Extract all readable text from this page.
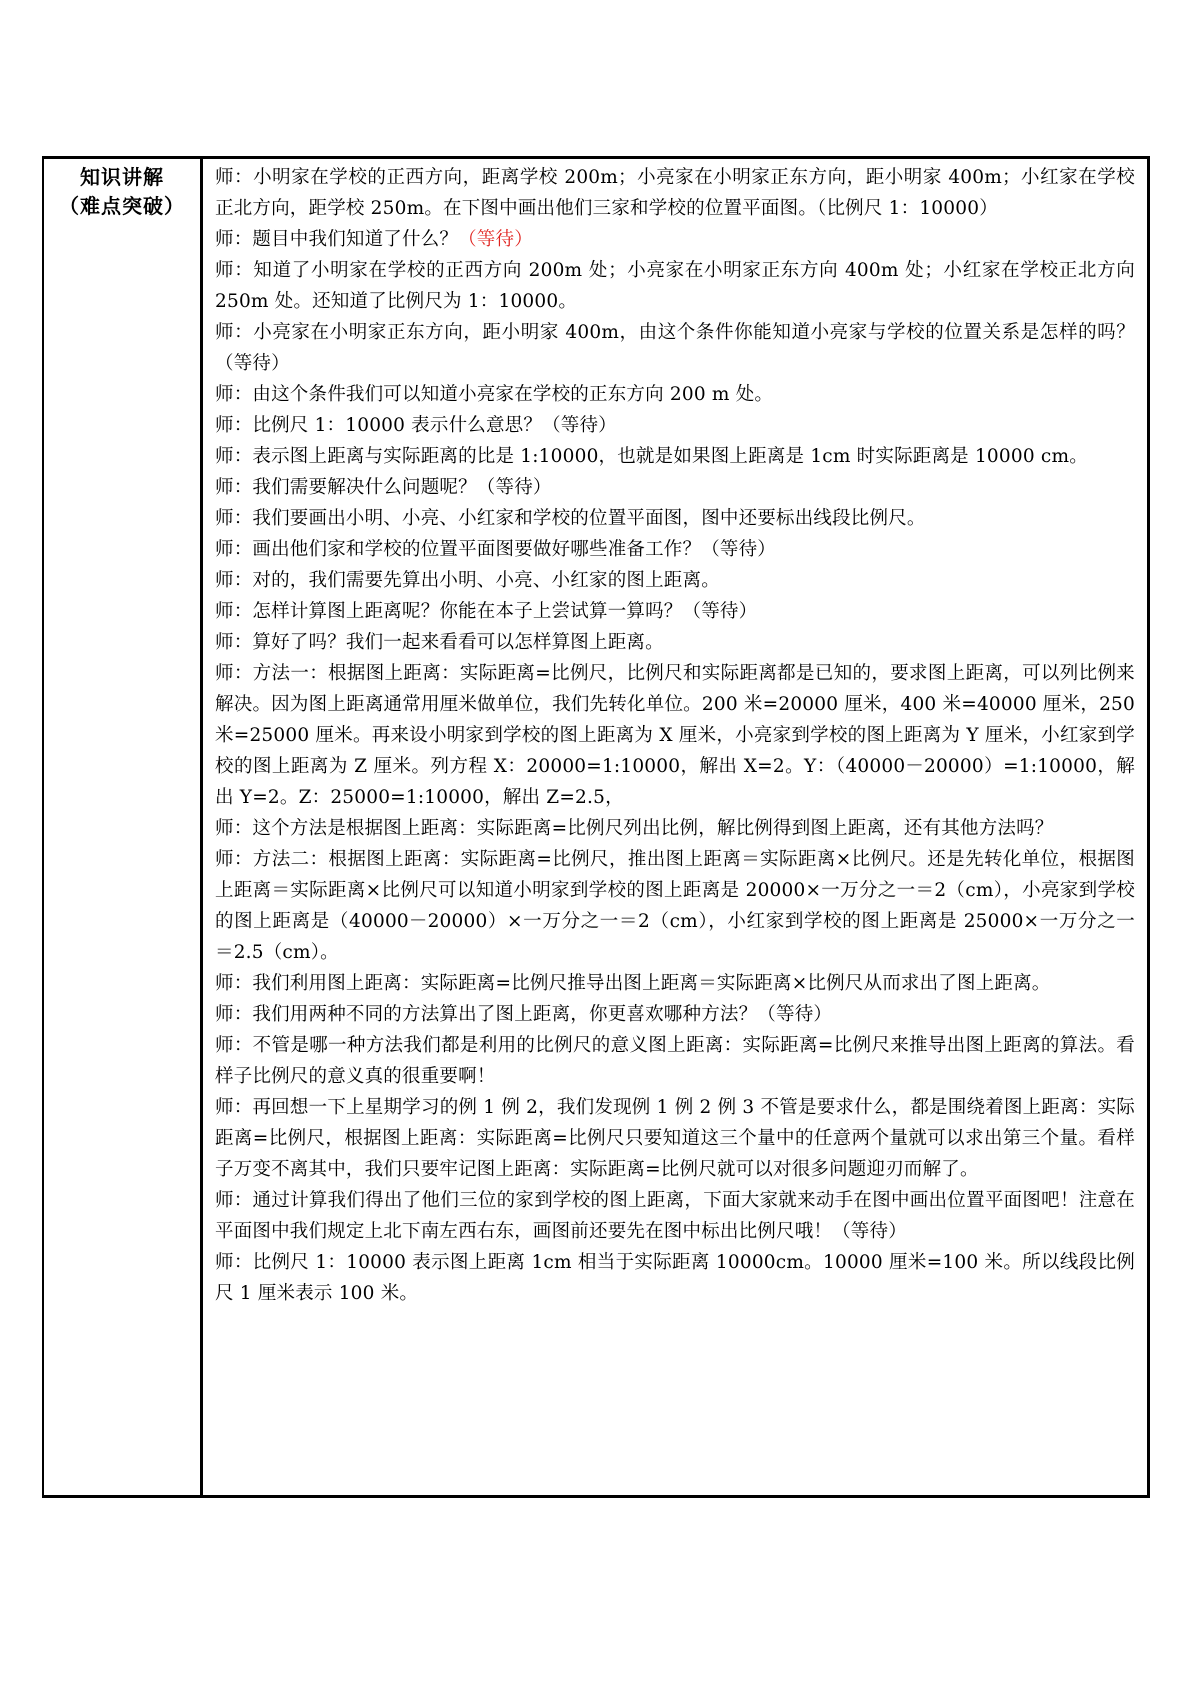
知识讲解
（难点突破）

师：小明家在学校的正西方向，距离学校 200m；小亮家在小明家正东方向，距小明家 400m；小红家在学校正北方向，距学校 250m。在下图中画出他们三家和学校的位置平面图。（比例尺 1：10000）

师：题目中我们知道了什么？（等待）

师：知道了小明家在学校的正西方向 200m 处；小亮家在小明家正东方向 400m 处；小红家在学校正北方向 250m 处。还知道了比例尺为 1：10000。

师：小亮家在小明家正东方向，距小明家 400m，由这个条件你能知道小亮家与学校的位置关系是怎样的吗？（等待）

师：由这个条件我们可以知道小亮家在学校的正东方向 200 m 处。

师：比例尺 1：10000 表示什么意思？（等待）

师：表示图上距离与实际距离的比是 1:10000，也就是如果图上距离是 1cm 时实际距离是 10000 cm。

师：我们需要解决什么问题呢？（等待）

师：我们要画出小明、小亮、小红家和学校的位置平面图，图中还要标出线段比例尺。

师：画出他们家和学校的位置平面图要做好哪些准备工作？（等待）

师：对的，我们需要先算出小明、小亮、小红家的图上距离。

师：怎样计算图上距离呢？你能在本子上尝试算一算吗？（等待）

师：算好了吗？我们一起来看看可以怎样算图上距离。

师：方法一：根据图上距离：实际距离=比例尺，比例尺和实际距离都是已知的，要求图上距离，可以列比例来解决。因为图上距离通常用厘米做单位，我们先转化单位。200 米=20000 厘米，400 米=40000 厘米，250 米=25000 厘米。再来设小明家到学校的图上距离为 X 厘米，小亮家到学校的图上距离为 Y 厘米，小红家到学校的图上距离为 Z 厘米。列方程 X：20000=1:10000，解出 X=2。Y：（40000－20000）=1:10000，解出 Y=2。Z：25000=1:10000，解出 Z=2.5，

师：这个方法是根据图上距离：实际距离=比例尺列出比例，解比例得到图上距离，还有其他方法吗？

师：方法二：根据图上距离：实际距离=比例尺，推出图上距离＝实际距离×比例尺。还是先转化单位，根据图上距离＝实际距离×比例尺可以知道小明家到学校的图上距离是 20000×一万分之一＝2（cm），小亮家到学校的图上距离是（40000－20000）×一万分之一＝2（cm），小红家到学校的图上距离是 25000×一万分之一＝2.5（cm）。

师：我们利用图上距离：实际距离=比例尺推导出图上距离＝实际距离×比例尺从而求出了图上距离。

师：我们用两种不同的方法算出了图上距离，你更喜欢哪种方法？（等待）

师：不管是哪一种方法我们都是利用的比例尺的意义图上距离：实际距离=比例尺来推导出图上距离的算法。看样子比例尺的意义真的很重要啊！

师：再回想一下上星期学习的例 1 例 2，我们发现例 1 例 2 例 3 不管是要求什么，都是围绕着图上距离：实际距离=比例尺，根据图上距离：实际距离=比例尺只要知道这三个量中的任意两个量就可以求出第三个量。看样子万变不离其中，我们只要牢记图上距离：实际距离=比例尺就可以对很多问题迎刃而解了。

师：通过计算我们得出了他们三位的家到学校的图上距离，下面大家就来动手在图中画出位置平面图吧！注意在平面图中我们规定上北下南左西右东，画图前还要先在图中标出比例尺哦！（等待）

师：比例尺 1：10000 表示图上距离 1cm 相当于实际距离 10000cm。10000 厘米=100 米。所以线段比例尺 1 厘米表示 100 米。
